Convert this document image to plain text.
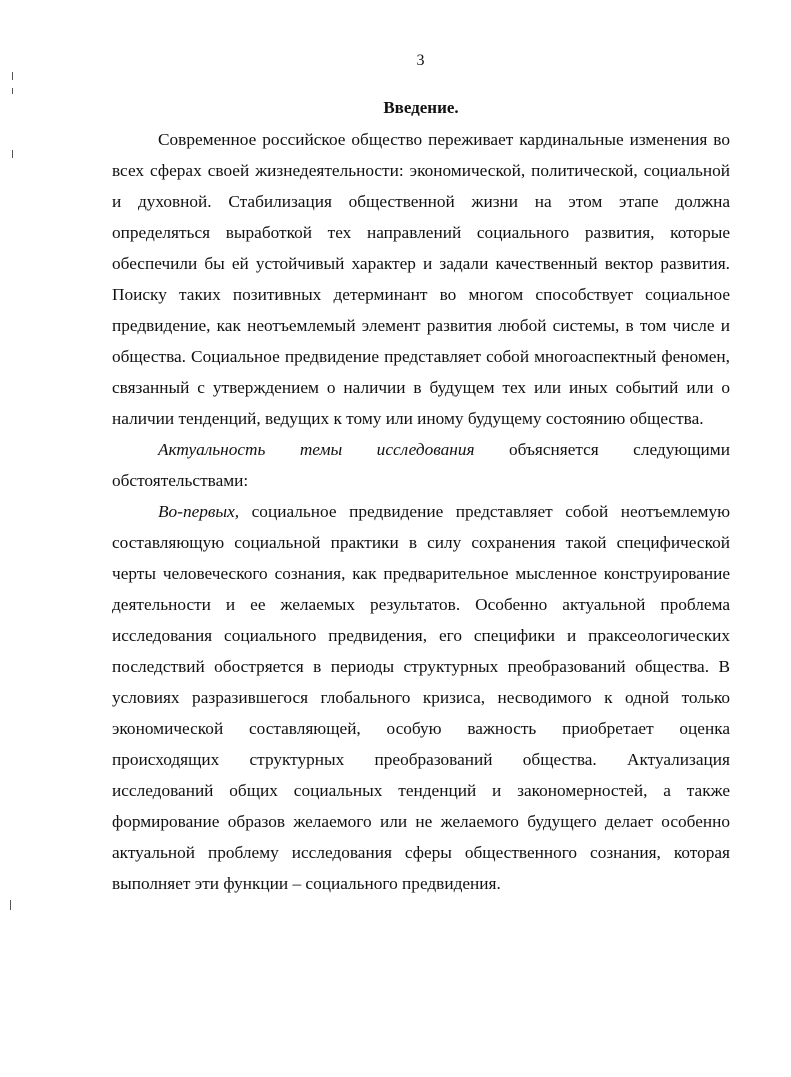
3
Введение.

Современное российское общество переживает кардинальные изменения во всех сферах своей жизнедеятельности: экономической, политической, социальной и духовной. Стабилизация общественной жизни на этом этапе должна определяться выработкой тех направлений социального развития, которые обеспечили бы ей устойчивый характер и задали качественный вектор развития. Поиску таких позитивных детерминант во многом способствует социальное предвидение, как неотъемлемый элемент развития любой системы, в том числе и общества. Социальное предвидение представляет собой многоаспектный феномен, связанный с утверждением о наличии в будущем тех или иных событий или о наличии тенденций, ведущих к тому или иному будущему состоянию общества.

Актуальность темы исследования объясняется следующими обстоятельствами:

Во-первых, социальное предвидение представляет собой неотъемлемую составляющую социальной практики в силу сохранения такой специфической черты человеческого сознания, как предварительное мысленное конструирование деятельности и ее желаемых результатов. Особенно актуальной проблема исследования социального предвидения, его специфики и праксеологических последствий обостряется в периоды структурных преобразований общества. В условиях разразившегося глобального кризиса, несводимого к одной только экономической составляющей, особую важность приобретает оценка происходящих структурных преобразований общества. Актуализация исследований общих социальных тенденций и закономерностей, а также формирование образов желаемого или не желаемого будущего делает особенно актуальной проблему исследования сферы общественного сознания, которая выполняет эти функции – социального предвидения.
